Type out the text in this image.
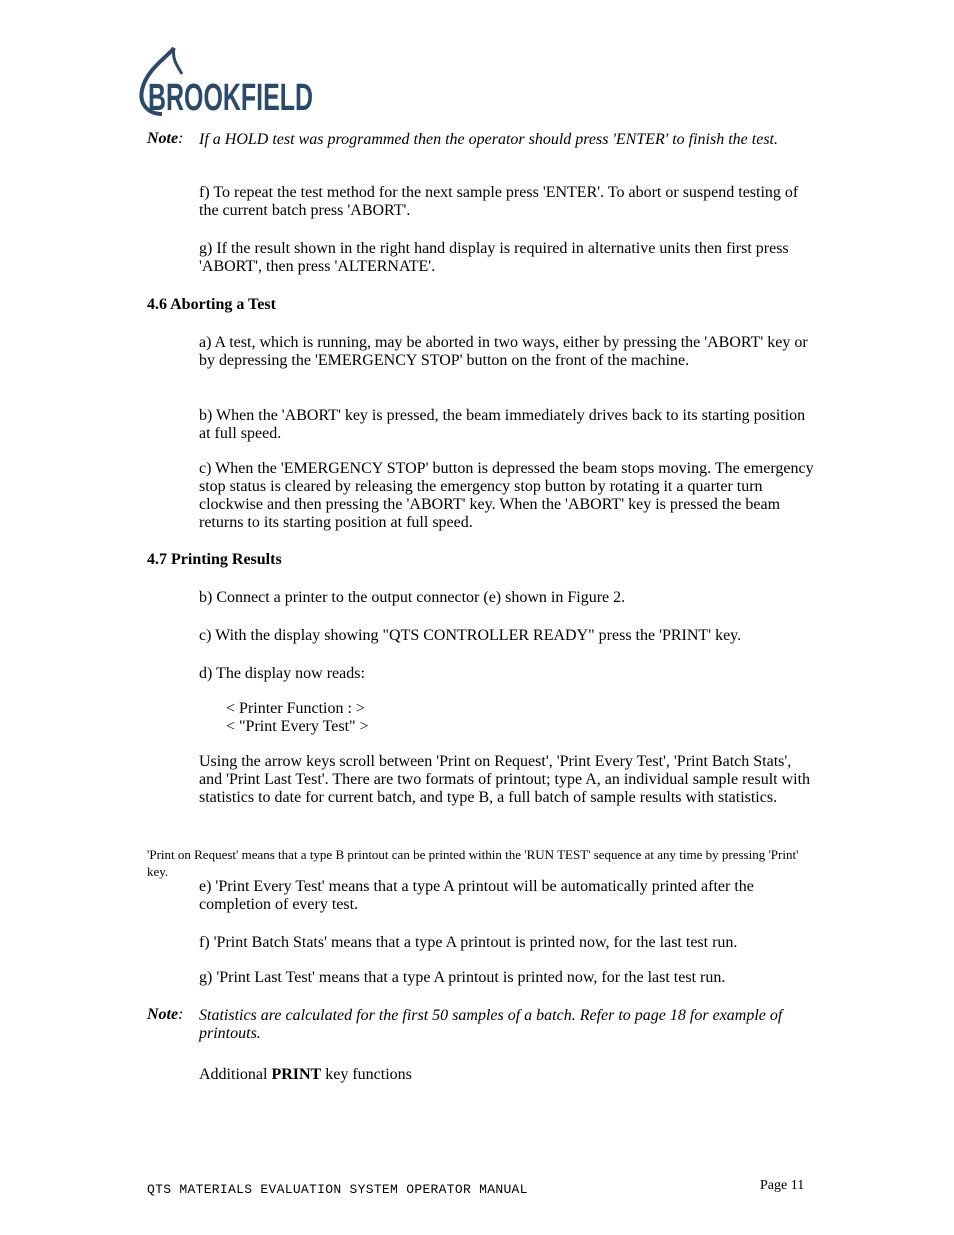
BROOKFIELD
Note: If a HOLD test was programmed then the operator should press 'ENTER' to finish the test.
f) To repeat the test method for the next sample press 'ENTER'. To abort or suspend testing of the current batch press 'ABORT'.
g) If the result shown in the right hand display is required in alternative units then first press 'ABORT', then press 'ALTERNATE'.
4.6 Aborting a Test
a) A test, which is running, may be aborted in two ways, either by pressing the 'ABORT' key or by depressing the 'EMERGENCY STOP' button on the front of the machine.
b) When the 'ABORT' key is pressed, the beam immediately drives back to its starting position at full speed.
c) When the 'EMERGENCY STOP' button is depressed the beam stops moving. The emergency stop status is cleared by releasing the emergency stop button by rotating it a quarter turn clockwise and then pressing the 'ABORT' key. When the 'ABORT' key is pressed the beam returns to its starting position at full speed.
4.7 Printing Results
b) Connect a printer to the output connector (e) shown in Figure 2.
c) With the display showing "QTS CONTROLLER READY" press the 'PRINT' key.
d) The display now reads:
< Printer Function : >
< "Print Every Test" >
Using the arrow keys scroll between 'Print on Request', 'Print Every Test', 'Print Batch Stats', and 'Print Last Test'. There are two formats of printout; type A, an individual sample result with statistics to date for current batch, and type B, a full batch of sample results with statistics.
'Print on Request' means that a type B printout can be printed within the 'RUN TEST' sequence at any time by pressing 'Print' key.
e) 'Print Every Test' means that a type A printout will be automatically printed after the completion of every test.
f) 'Print Batch Stats' means that a type A printout is printed now, for the last test run.
g) 'Print Last Test' means that a type A printout is printed now, for the last test run.
Note: Statistics are calculated for the first 50 samples of a batch. Refer to page 18 for example of printouts.
Additional PRINT key functions
QTS MATERIALS EVALUATION SYSTEM OPERATOR MANUAL	Page 11
